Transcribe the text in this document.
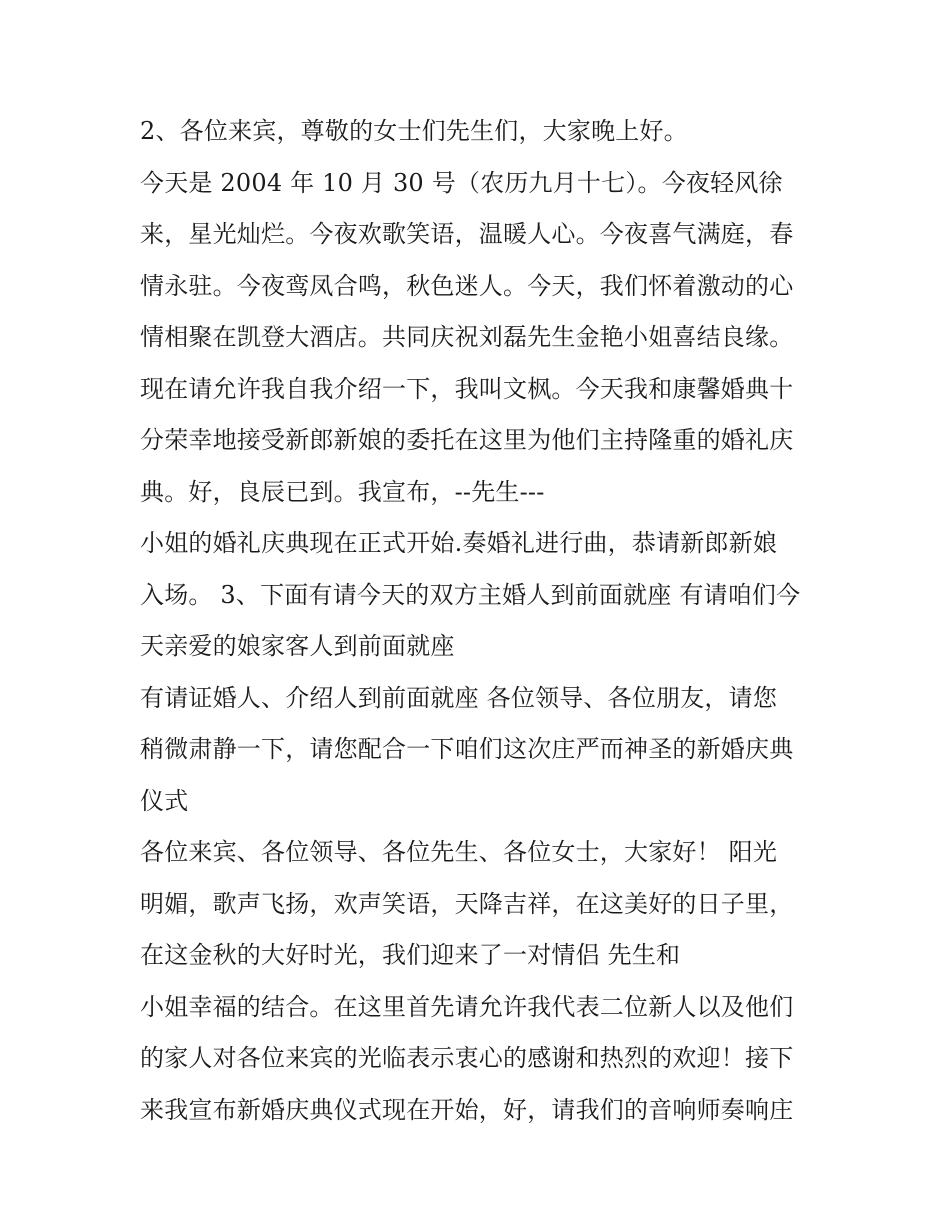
2、各位来宾，尊敬的女士们先生们，大家晚上好。
今天是 2004 年 10 月 30 号（农历九月十七）。今夜轻风徐
来，星光灿烂。今夜欢歌笑语，温暖人心。今夜喜气满庭，春
情永驻。今夜鸾凤合鸣，秋色迷人。今天，我们怀着激动的心
情相聚在凯登大酒店。共同庆祝刘磊先生金艳小姐喜结良缘。
现在请允许我自我介绍一下，我叫文枫。今天我和康馨婚典十
分荣幸地接受新郎新娘的委托在这里为他们主持隆重的婚礼庆
典。好，良辰已到。我宣布，--先生---
小姐的婚礼庆典现在正式开始.奏婚礼进行曲，恭请新郎新娘
入场。 3、下面有请今天的双方主婚人到前面就座 有请咱们今
天亲爱的娘家客人到前面就座
有请证婚人、介绍人到前面就座 各位领导、各位朋友，请您
稍微肃静一下，请您配合一下咱们这次庄严而神圣的新婚庆典
仪式
各位来宾、各位领导、各位先生、各位女士，大家好！ 阳光
明媚，歌声飞扬，欢声笑语，天降吉祥，在这美好的日子里，
在这金秋的大好时光，我们迎来了一对情侣 先生和
小姐幸福的结合。在这里首先请允许我代表二位新人以及他们
的家人对各位来宾的光临表示衷心的感谢和热烈的欢迎！接下
来我宣布新婚庆典仪式现在开始，好，请我们的音响师奏响庄
